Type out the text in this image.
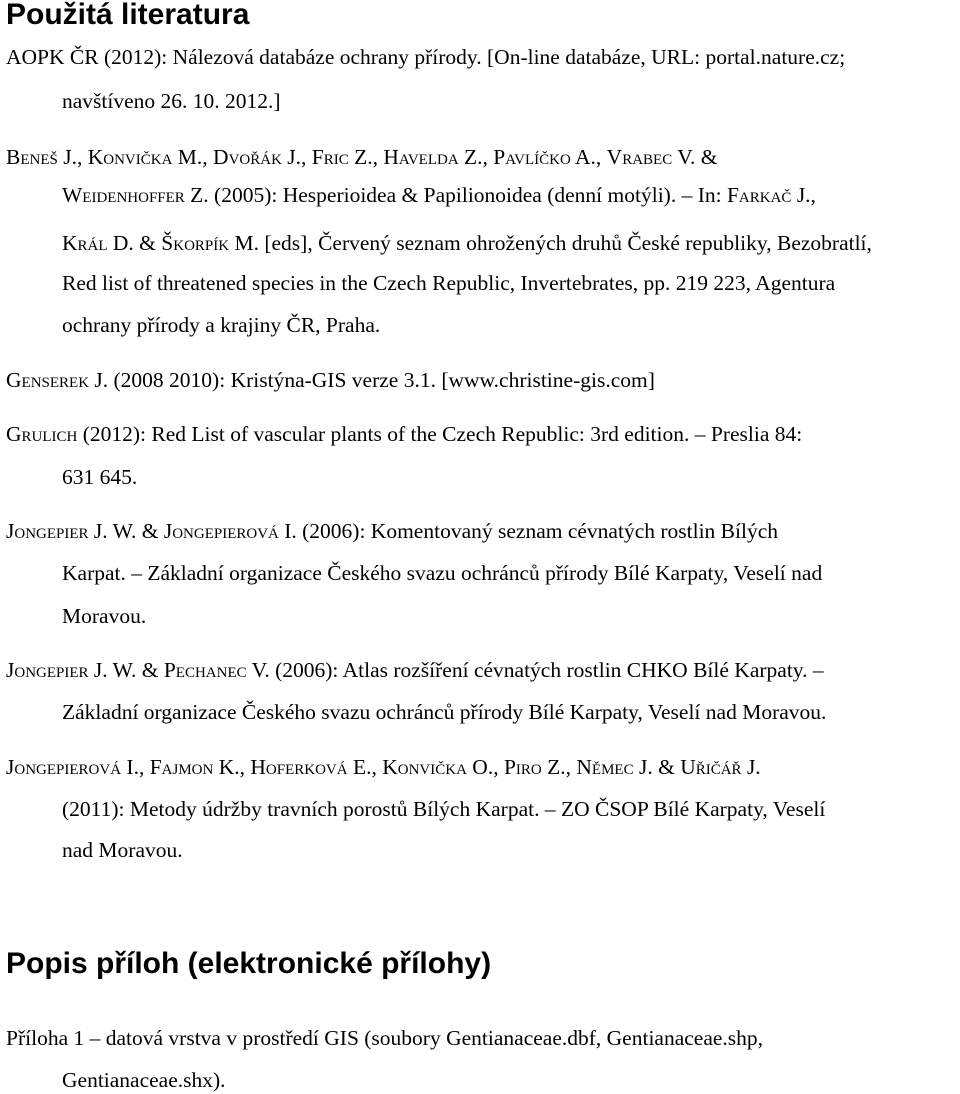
Použitá literatura
Popis příloh (elektronické přílohy)
AOPK ČR (2012): Nálezová databáze ochrany přírody. [On-line databáze, URL: portal.nature.cz;
navštíveno 26. 10. 2012.]
Beneš J., Konvička M., Dvořák J., Fric Z., Havelda Z., Pavlíčko A., Vrabec V. &
Weidenhoffer Z. (2005): Hesperioidea & Papilionoidea (denní motýli). – In: Farkač J.,
Král D. & Škorpík M. [eds], Červený seznam ohrožených druhů České republiky, Bezobratlí,
Red list of threatened species in the Czech Republic, Invertebrates, pp. 219 223, Agentura
ochrany přírody a krajiny ČR, Praha.
Genserek J. (2008 2010): Kristýna-GIS verze 3.1. [www.christine-gis.com]
Grulich (2012): Red List of vascular plants of the Czech Republic: 3rd edition. – Preslia 84:
631 645.
Jongepier J. W. & Jongepierová I. (2006): Komentovaný seznam cévnatých rostlin Bílých
Karpat. – Základní organizace Českého svazu ochránců přírody Bílé Karpaty, Veselí nad
Moravou.
Jongepier J. W. & Pechanec V. (2006): Atlas rozšíření cévnatých rostlin CHKO Bílé Karpaty. –
Základní organizace Českého svazu ochránců přírody Bílé Karpaty, Veselí nad Moravou.
Jongepierová I., Fajmon K., Hoferková E., Konvička O., Piro Z., Němec J. & Uřičář J.
(2011): Metody údržby travních porostů Bílých Karpat. – ZO ČSOP Bílé Karpaty, Veselí
nad Moravou.
Příloha 1 – datová vrstva v prostředí GIS (soubory Gentianaceae.dbf, Gentianaceae.shp,
Gentianaceae.shx).
